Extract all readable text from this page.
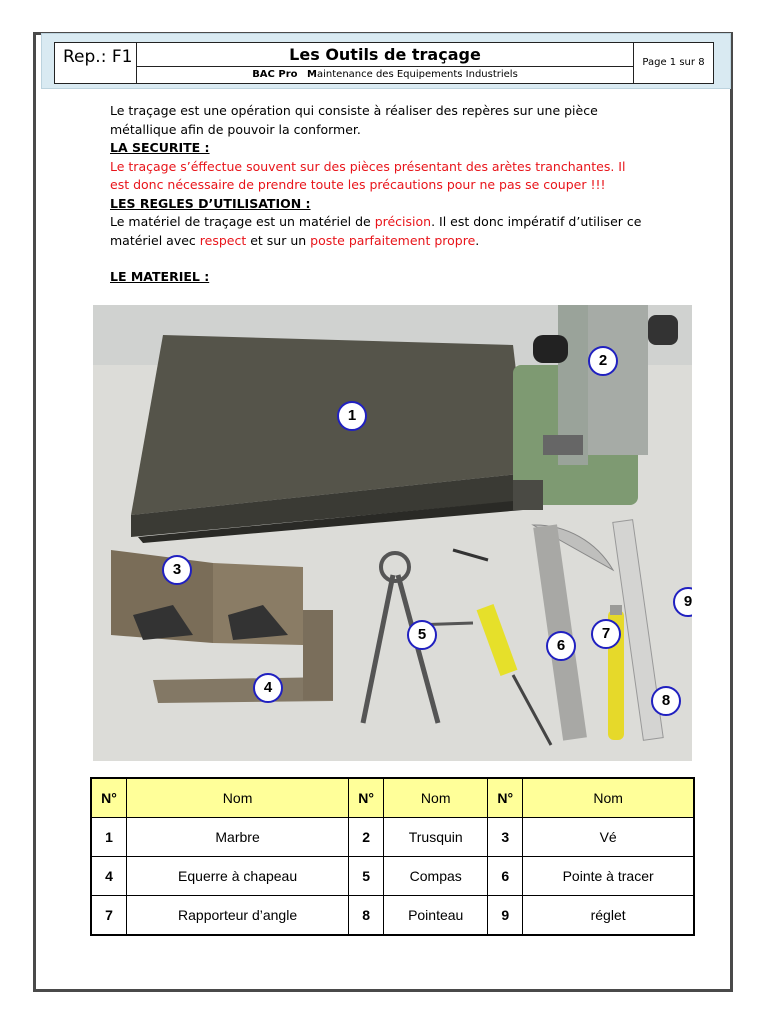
Rep.: F1	Les Outils de traçage
BAC Pro Maintenance des Equipements Industriels
Page 1 sur 8

Le traçage est une opération qui consiste à réaliser des repères sur une pièce

métallique afin de pouvoir la conformer.

LA SECURITE :

Le traçage s’éffectue souvent sur des pièces présentant des arètes tranchantes. Il

est donc nécessaire de prendre toute les précautions pour ne pas se couper !!!

LES REGLES D’UTILISATION :

Le matériel de traçage est un matériel de précision. Il est donc impératif d’utiliser ce

matériel avec respect et sur un poste parfaitement propre.

LE MATERIEL :

1
2
3
4
5
6
7
8
9
N°	Nom	N°	Nom	N°	Nom
1	Marbre	2	Trusquin	3	Vé
4	Equerre à chapeau	5	Compas	6	Pointe à tracer
7	Rapporteur d’angle	8	Pointeau	9	réglet
